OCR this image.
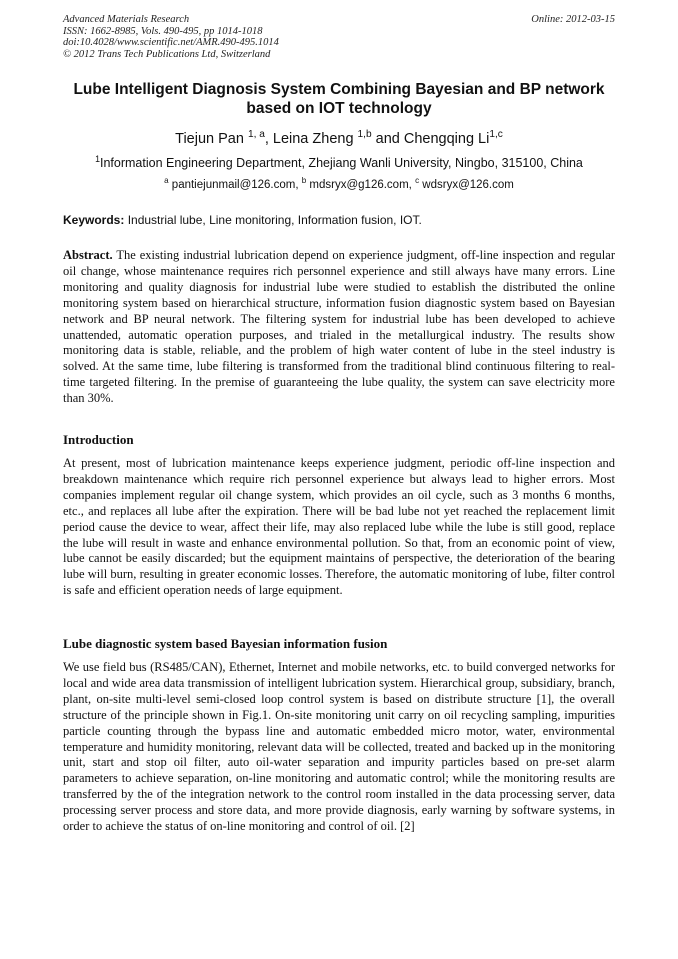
Advanced Materials Research
ISSN: 1662-8985, Vols. 490-495, pp 1014-1018
doi:10.4028/www.scientific.net/AMR.490-495.1014
© 2012 Trans Tech Publications Ltd, Switzerland
Online: 2012-03-15
Lube Intelligent Diagnosis System Combining Bayesian and BP network based on IOT technology
Tiejun Pan $^{1, a}$, Leina Zheng $^{1,b}$ and Chengqing Li$^{1,c}$
$^1$Information Engineering Department, Zhejiang Wanli University, Ningbo, 315100, China
$^a$ pantiejunmail@126.com, $^b$ mdsryx@g126.com, $^c$ wdsryx@126.com
Keywords: Industrial lube, Line monitoring, Information fusion, IOT.
Abstract. The existing industrial lubrication depend on experience judgment, off-line inspection and regular oil change, whose maintenance requires rich personnel experience and still always have many errors. Line monitoring and quality diagnosis for industrial lube were studied to establish the distributed the online monitoring system based on hierarchical structure, information fusion diagnostic system based on Bayesian network and BP neural network. The filtering system for industrial lube has been developed to achieve unattended, automatic operation purposes, and trialed in the metallurgical industry. The results show monitoring data is stable, reliable, and the problem of high water content of lube in the steel industry is solved. At the same time, lube filtering is transformed from the traditional blind continuous filtering to real-time targeted filtering. In the premise of guaranteeing the lube quality, the system can save electricity more than 30%.
Introduction
At present, most of lubrication maintenance keeps experience judgment, periodic off-line inspection and breakdown maintenance which require rich personnel experience but always lead to higher errors. Most companies implement regular oil change system, which provides an oil cycle, such as 3 months 6 months, etc., and replaces all lube after the expiration. There will be bad lube not yet reached the replacement limit period cause the device to wear, affect their life, may also replaced lube while the lube is still good, replace the lube will result in waste and enhance environmental pollution. So that, from an economic point of view, lube cannot be easily discarded; but the equipment maintains of perspective, the deterioration of the bearing lube will burn, resulting in greater economic losses. Therefore, the automatic monitoring of lube, filter control is safe and efficient operation needs of large equipment.
Lube diagnostic system based Bayesian information fusion
We use field bus (RS485/CAN), Ethernet, Internet and mobile networks, etc. to build converged networks for local and wide area data transmission of intelligent lubrication system. Hierarchical group, subsidiary, branch, plant, on-site multi-level semi-closed loop control system is based on distribute structure [1], the overall structure of the principle shown in Fig.1. On-site monitoring unit carry on oil recycling sampling, impurities particle counting through the bypass line and automatic embedded micro motor, water, environmental temperature and humidity monitoring, relevant data will be collected, treated and backed up in the monitoring unit, start and stop oil filter, auto oil-water separation and impurity particles based on pre-set alarm parameters to achieve separation, on-line monitoring and automatic control; while the monitoring results are transferred by the of the integration network to the control room installed in the data processing server, data processing server process and store data, and more provide diagnosis, early warning by software systems, in order to achieve the status of on-line monitoring and control of oil. [2]
